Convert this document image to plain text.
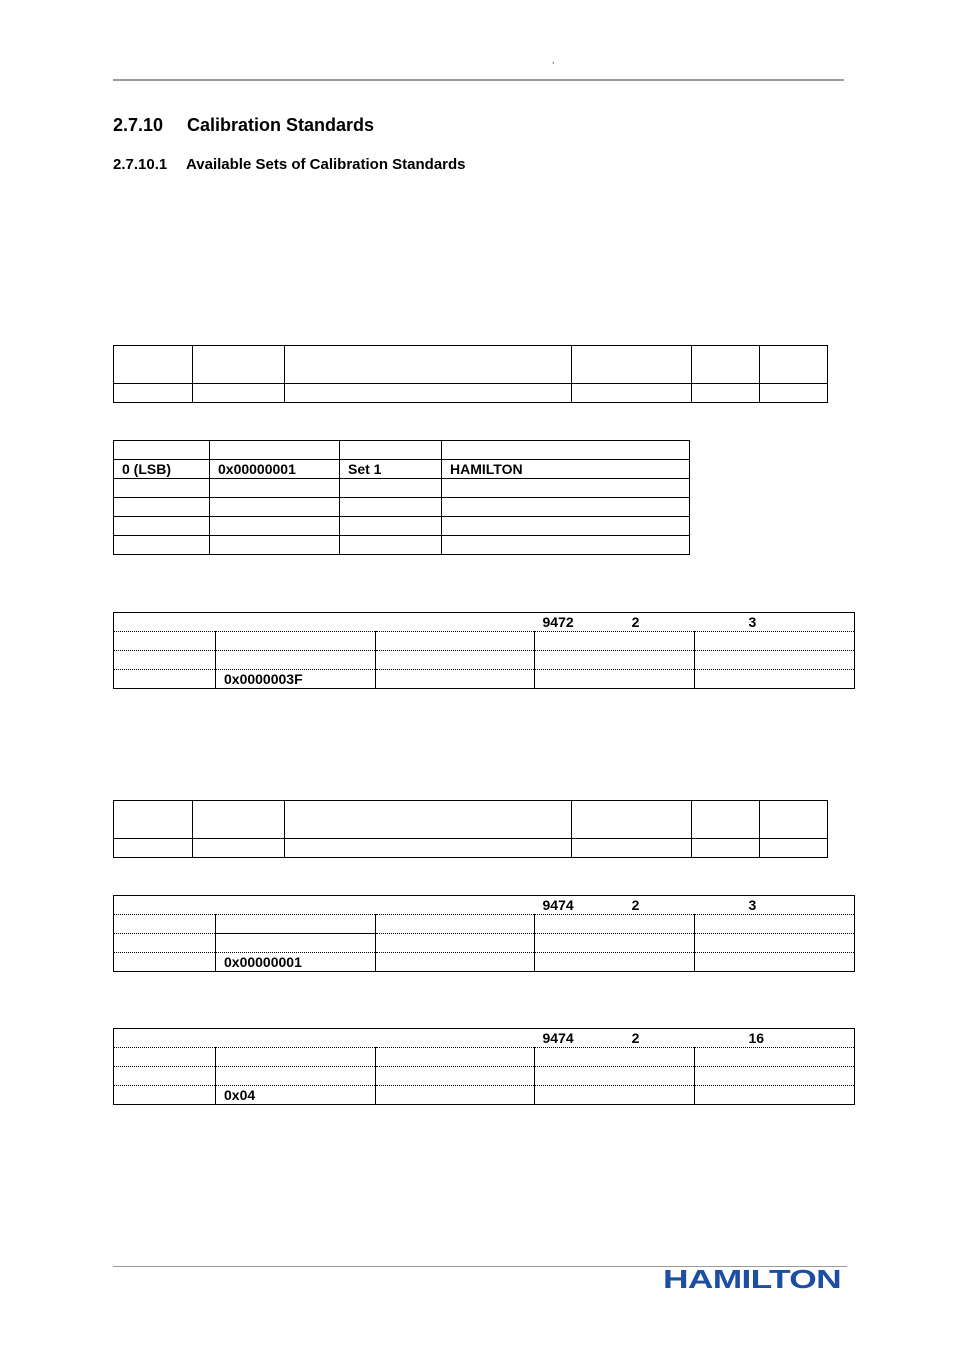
,
2.7.10 Calibration Standards
2.7.10.1 Available Sets of Calibration Standards

0 (LSB)	0x00000001	Set 1	HAMILTON

			9472 2	3

	0x0000003F			

			9474 2	3

	0x00000001			
			9474 2	16

	0x04			
HAMILTON
